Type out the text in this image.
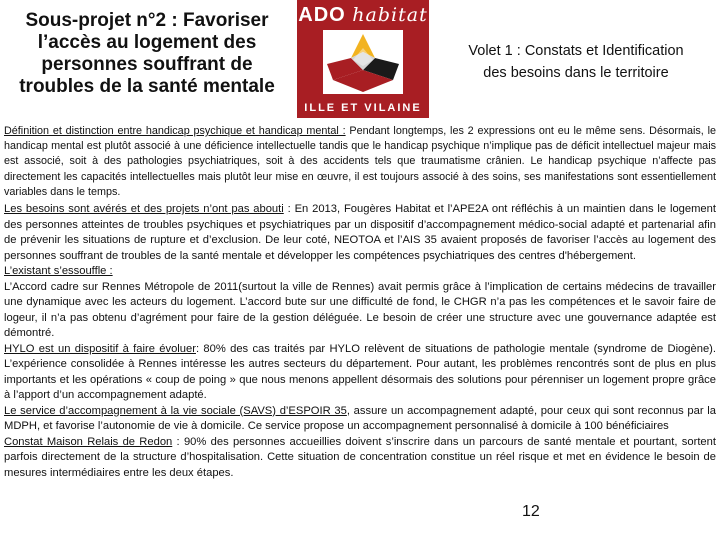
Sous-projet n°2 : Favoriser l’accès au logement des personnes souffrant de troubles de la santé mentale
ADO habitat
ILLE ET VILAINE
Volet 1 : Constats et Identification
des besoins dans le territoire

Définition et distinction entre handicap psychique et handicap mental : Pendant longtemps, les 2 expressions ont eu le même sens. Désormais, le handicap mental est plutôt associé à une déficience intellectuelle tandis que le handicap psychique n’implique pas de déficit intellectuel majeur mais est associé, soit à des pathologies psychiatriques, soit à des accidents tels que traumatisme crânien. Le handicap psychique n’affecte pas directement les capacités intellectuelles mais plutôt leur mise en œuvre, il est toujours associé à des soins, ses manifestations sont essentiellement variables dans le temps.

Les besoins sont avérés et des projets n’ont pas abouti : En 2013, Fougères Habitat et l’APE2A ont réfléchis à un maintien dans le logement des personnes atteintes de troubles psychiques et psychiatriques par un dispositif d’accompagnement médico-social adapté et partenarial afin de prévenir les situations de rupture et d’exclusion. De leur coté, NEOTOA et l’AIS 35 avaient proposés de favoriser l’accès au logement des personnes souffrant de troubles de la santé mentale et développer les compétences psychiatriques des centres d'hébergement.

L’existant s’essouffle :

L’Accord cadre sur Rennes Métropole de 2011(surtout la ville de Rennes) avait permis grâce à l’implication de certains médecins de travailler une dynamique avec les acteurs du logement. L’accord bute sur une difficulté de fond, le CHGR n’a pas les compétences et le savoir faire de logeur, il n’a pas obtenu d’agrément pour faire de la gestion déléguée. Le besoin de créer une structure avec une gouvernance adaptée est démontré.

HYLO est un dispositif à faire évoluer: 80% des cas traités par HYLO relèvent de situations de pathologie mentale (syndrome de Diogène). L’expérience consolidée à Rennes intéresse les autres secteurs du département. Pour autant, les problèmes rencontrés sont de plus en plus importants et les opérations « coup de poing » que nous menons appellent désormais des solutions pour pérenniser un logement propre grâce à l’apport d’un accompagnement adapté.

Le service d’accompagnement à la vie sociale (SAVS) d’ESPOIR 35, assure un accompagnement adapté, pour ceux qui sont reconnus par la MDPH, et favorise l’autonomie de vie à domicile. Ce service propose un accompagnement personnalisé à domicile à 100 bénéficiaires

Constat Maison Relais de Redon : 90% des personnes accueillies doivent s’inscrire dans un parcours de santé mentale et pourtant, sortent parfois directement de la structure d’hospitalisation. Cette situation de concentration constitue un réel risque et met en évidence le besoin de mesures intermédiaires entre les deux étapes.

12
